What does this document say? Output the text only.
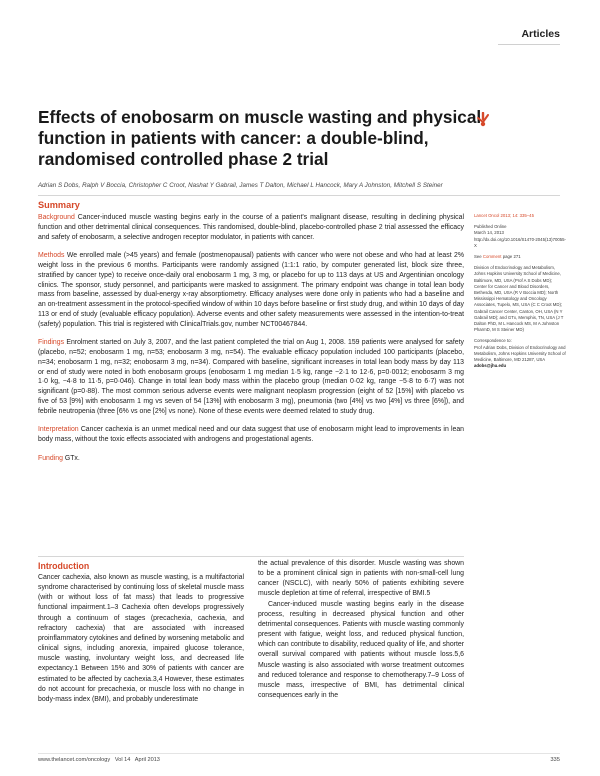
Articles
Effects of enobosarm on muscle wasting and physical function in patients with cancer: a double-blind, randomised controlled phase 2 trial
Adrian S Dobs, Ralph V Boccia, Christopher C Croot, Nashat Y Gabrail, James T Dalton, Michael L Hancock, Mary A Johnston, Mitchell S Steiner
Summary

Background Cancer-induced muscle wasting begins early in the course of a patient's malignant disease, resulting in declining physical function and other detrimental clinical consequences. This randomised, double-blind, placebo-controlled phase 2 trial assessed the efficacy and safety of enobosarm, a selective androgen receptor modulator, in patients with cancer.

Methods We enrolled male (>45 years) and female (postmenopausal) patients with cancer who were not obese and who had at least 2% weight loss in the previous 6 months. Participants were randomly assigned (1:1:1 ratio, by computer generated list, block size three, stratified by cancer type) to receive once-daily oral enobosarm 1 mg, 3 mg, or placebo for up to 113 days at US and Argentinian oncology clinics. The sponsor, study personnel, and participants were masked to assignment. The primary endpoint was change in total lean body mass from baseline, assessed by dual-energy x-ray absorptiometry. Efficacy analyses were done only in patients who had a baseline and an on-treatment assessment in the protocol-specified window of within 10 days before baseline or first study drug, and within 10 days of day 113 or end of study (evaluable efficacy population). Adverse events and other safety measurements were assessed in the intention-to-treat (safety) population. This trial is registered with ClinicalTrials.gov, number NCT00467844.

Findings Enrolment started on July 3, 2007, and the last patient completed the trial on Aug 1, 2008. 159 patients were analysed for safety (placebo, n=52; enobosarm 1 mg, n=53; enobosarm 3 mg, n=54). The evaluable efficacy population included 100 participants (placebo, n=34; enobosarm 1 mg, n=32; enobosarm 3 mg, n=34). Compared with baseline, significant increases in total lean body mass by day 113 or end of study were noted in both enobosarm groups (enobosarm 1 mg median 1·5 kg, range −2·1 to 12·6, p=0·0012; enobosarm 3 mg 1·0 kg, −4·8 to 11·5, p=0·046). Change in total lean body mass within the placebo group (median 0·02 kg, range −5·8 to 6·7) was not significant (p=0·88). The most common serious adverse events were malignant neoplasm progression (eight of 52 [15%] with placebo vs five of 53 [9%] with enobosarm 1 mg vs seven of 54 [13%] with enobosarm 3 mg), pneumonia (two [4%] vs two [4%] vs three [6%]), and febrile neutropenia (three [6% vs one [2%] vs none). None of these events were deemed related to study drug.

Interpretation Cancer cachexia is an unmet medical need and our data suggest that use of enobosarm might lead to improvements in lean body mass, without the toxic effects associated with androgens and progestational agents.

Funding GTx.

Lancet Oncol 2013; 14: 335–45
Published Online
March 14, 2013
http://dx.doi.org/10.1016/S1470-2045(13)70055-X
See Comment page 271
Division of Endocrinology and Metabolism, Johns Hopkins University School of Medicine, Baltimore, MD, USA (Prof A S Dobs MD); Center for Cancer and Blood Disorders, Bethesda, MD, USA (R V Boccia MD); North Mississippi Hematology and Oncology Associates, Tupelo, MS, USA (C C Croot MD); Gabrail Cancer Center, Canton, OH, USA (N Y Gabrail MD); and GTx, Memphis, TN, USA (J T Dalton PhD, M L Hancock MS, M A Johnston PharmD, M S Steiner MD)
Correspondence to:
Prof Adrian Dobs, Division of Endocrinology and Metabolism, Johns Hopkins University School of Medicine, Baltimore, MD 21287, USA
adobs@jhu.edu
Introduction

Cancer cachexia, also known as muscle wasting, is a multifactorial syndrome characterised by continuing loss of skeletal muscle mass (with or without loss of fat mass) that leads to progressive functional impairment.1–3 Cachexia often develops progressively through a continuum of stages (precachexia, cachexia, and refractory cachexia) that are associated with increased proinflammatory cytokines and defined by worsening metabolic and clinical signs, including anorexia, impaired glucose tolerance, muscle wasting, involuntary weight loss, and decreased life expectancy.1 Between 15% and 30% of patients with cancer are estimated to be affected by cachexia.3,4 However, these estimates do not account for precachexia, or muscle loss with no change in body-mass index (BMI), and probably underestimate

the actual prevalence of this disorder. Muscle wasting was shown to be a prominent clinical sign in patients with non-small-cell lung cancer (NSCLC), with nearly 50% of patients exhibiting severe muscle depletion at time of referral, irrespective of BMI.5

Cancer-induced muscle wasting begins early in the disease process, resulting in decreased physical function and other detrimental consequences. Patients with muscle wasting commonly present with fatigue, weight loss, and reduced physical function, which can contribute to disability, reduced quality of life, and shorter overall survival compared with patients without muscle loss.5,6 Muscle wasting is also associated with worse treatment outcomes and reduced tolerance and response to chemotherapy.7–9 Loss of muscle mass, irrespective of BMI, has detrimental clinical consequences early in the

www.thelancet.com/oncology Vol 14 April 2013	335
